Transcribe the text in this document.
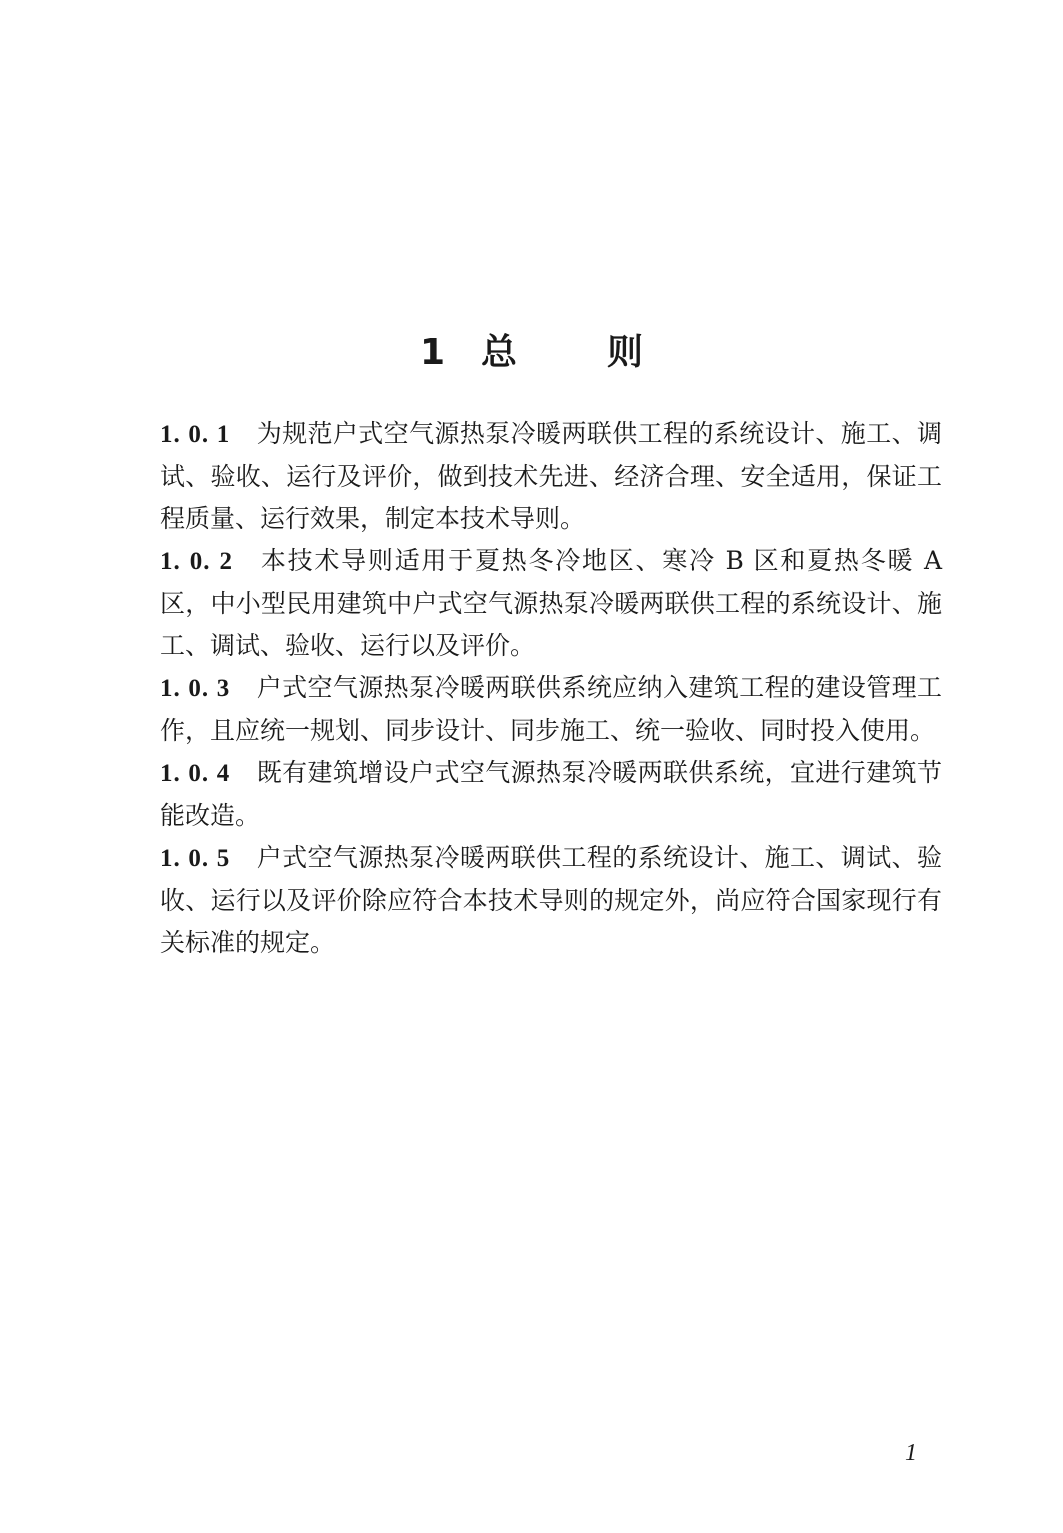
1 总	则

1. 0. 1 为规范户式空气源热泵冷暖两联供工程的系统设计、施工、调试、验收、运行及评价，做到技术先进、经济合理、安全适用，保证工程质量、运行效果，制定本技术导则。

1. 0. 2 本技术导则适用于夏热冬冷地区、寒冷 B 区和夏热冬暖 A 区，中小型民用建筑中户式空气源热泵冷暖两联供工程的系统设计、施工、调试、验收、运行以及评价。

1. 0. 3 户式空气源热泵冷暖两联供系统应纳入建筑工程的建设管理工作，且应统一规划、同步设计、同步施工、统一验收、同时投入使用。

1. 0. 4 既有建筑增设户式空气源热泵冷暖两联供系统，宜进行建筑节能改造。

1. 0. 5 户式空气源热泵冷暖两联供工程的系统设计、施工、调试、验收、运行以及评价除应符合本技术导则的规定外，尚应符合国家现行有关标准的规定。

1
